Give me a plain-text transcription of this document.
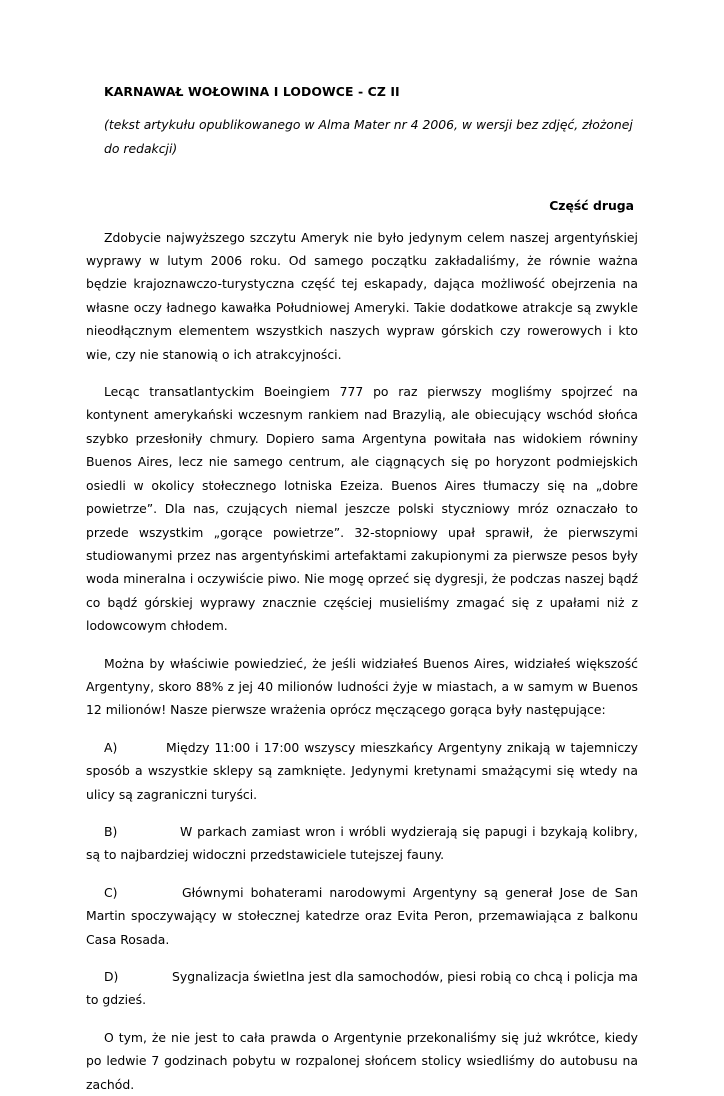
KARNAWAŁ WOŁOWINA I LODOWCE - CZ II
(tekst artykułu opublikowanego w Alma Mater nr 4 2006, w wersji bez zdjęć, złożonej do redakcji)
Część druga

Zdobycie najwyższego szczytu Ameryk nie było jedynym celem naszej argentyńskiej wyprawy w lutym 2006 roku. Od samego początku zakładaliśmy, że równie ważna będzie krajoznawczo-turystyczna część tej eskapady, dająca możliwość obejrzenia na własne oczy ładnego kawałka Południowej Ameryki. Takie dodatkowe atrakcje są zwykle nieodłącznym elementem wszystkich naszych wypraw górskich czy rowerowych i kto wie, czy nie stanowią o ich atrakcyjności.

Lecąc transatlantyckim Boeingiem 777 po raz pierwszy mogliśmy spojrzeć na kontynent amerykański wczesnym rankiem nad Brazylią, ale obiecujący wschód słońca szybko przesłoniły chmury. Dopiero sama Argentyna powitała nas widokiem równiny Buenos Aires, lecz nie samego centrum, ale ciągnących się po horyzont podmiejskich osiedli w okolicy stołecznego lotniska Ezeiza. Buenos Aires tłumaczy się na „dobre powietrze”. Dla nas, czujących niemal jeszcze polski styczniowy mróz oznaczało to przede wszystkim „gorące powietrze”. 32-stopniowy upał sprawił, że pierwszymi studiowanymi przez nas argentyńskimi artefaktami zakupionymi za pierwsze pesos były woda mineralna i oczywiście piwo. Nie mogę oprzeć się dygresji, że podczas naszej bądź co bądź górskiej wyprawy znacznie częściej musieliśmy zmagać się z upałami niż z lodowcowym chłodem.

Można by właściwie powiedzieć, że jeśli widziałeś Buenos Aires, widziałeś większość Argentyny, skoro 88% z jej 40 milionów ludności żyje w miastach, a w samym w Buenos 12 milionów! Nasze pierwsze wrażenia oprócz męczącego gorąca były następujące:

A)	Między 11:00 i 17:00 wszyscy mieszkańcy Argentyny znikają w tajemniczy sposób a wszystkie sklepy są zamknięte. Jedynymi kretynami smażącymi się wtedy na ulicy są zagraniczni turyści.

B)	W parkach zamiast wron i wróbli wydzierają się papugi i bzykają kolibry, są to najbardziej widoczni przedstawiciele tutejszej fauny.

C)	Głównymi bohaterami narodowymi Argentyny są generał Jose de San Martin spoczywający w stołecznej katedrze oraz Evita Peron, przemawiająca z balkonu Casa Rosada.

D)	Sygnalizacja świetlna jest dla samochodów, piesi robią co chcą i policja ma to gdzieś.

O tym, że nie jest to cała prawda o Argentynie przekonaliśmy się już wkrótce, kiedy po ledwie 7 godzinach pobytu w rozpalonej słońcem stolicy wsiedliśmy do autobusu na zachód.
